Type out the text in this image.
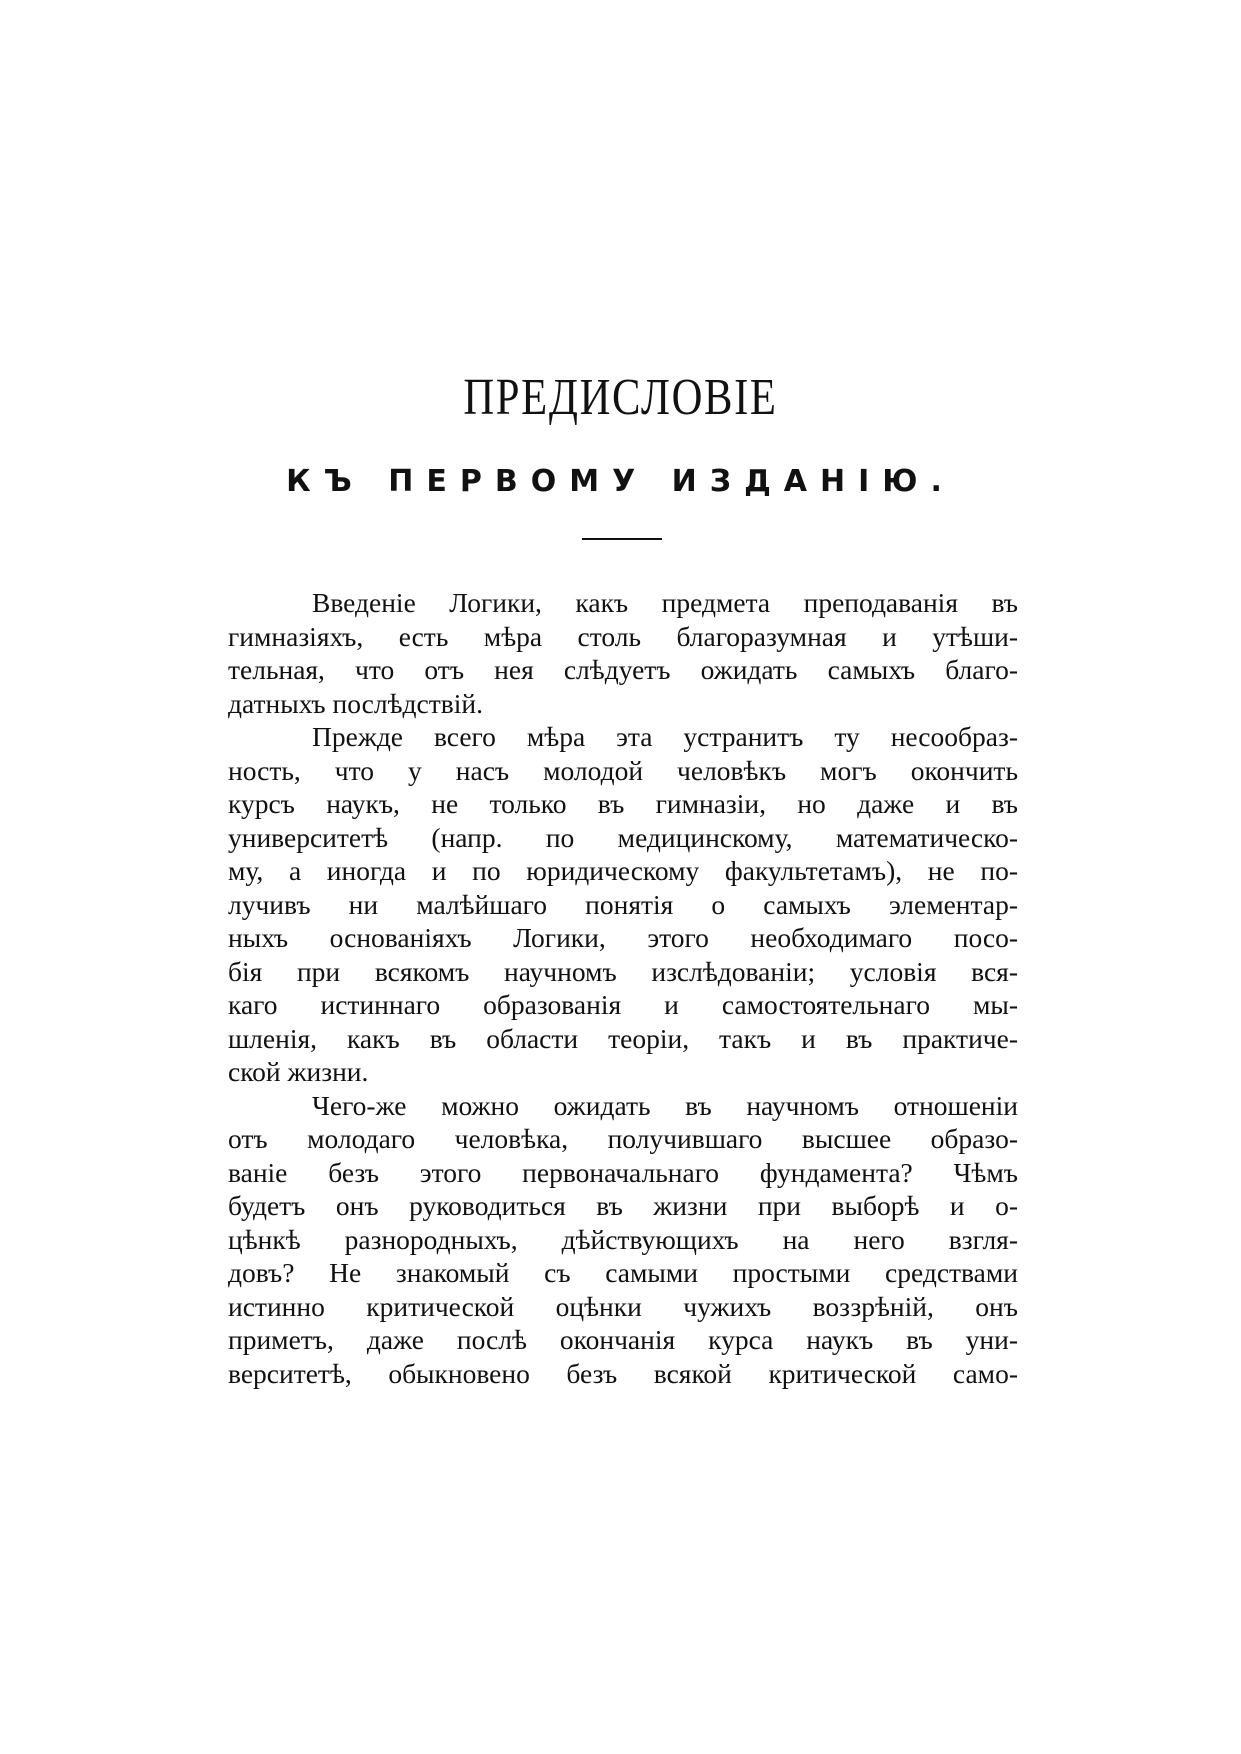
ПРЕДИСЛОВІЕ
КЪ ПЕРВОМУ ИЗДАНІЮ.
Введеніе Логики, какъ предмета преподаванія въ
гимназіяхъ, есть мѣра столь благоразумная и утѣши-
тельная, что отъ нея слѣдуетъ ожидать самыхъ благо-
датныхъ послѣдствій.
Прежде всего мѣра эта устранитъ ту несообраз-
ность, что у насъ молодой человѣкъ могъ окончить
курсъ наукъ, не только въ гимназіи, но даже и въ
университетѣ (напр. по медицинскому, математическо-
му, а иногда и по юридическому факультетамъ), не по-
лучивъ ни малѣйшаго понятія о самыхъ элементар-
ныхъ основаніяхъ Логики, этого необходимаго посо-
бія при всякомъ научномъ изслѣдованіи; условія вся-
каго истиннаго образованія и самостоятельнаго мы-
шленія, какъ въ области теоріи, такъ и въ практиче-
ской жизни.
Чего-же можно ожидать въ научномъ отношеніи
отъ молодаго человѣка, получившаго высшее образо-
ваніе безъ этого первоначальнаго фундамента? Чѣмъ
будетъ онъ руководиться въ жизни при выборѣ и о-
цѣнкѣ разнородныхъ, дѣйствующихъ на него взгля-
довъ? Не знакомый съ самыми простыми средствами
истинно критической оцѣнки чужихъ воззрѣній, онъ
приметъ, даже послѣ окончанія курса наукъ въ уни-
верситетѣ, обыкновено безъ всякой критической само-
